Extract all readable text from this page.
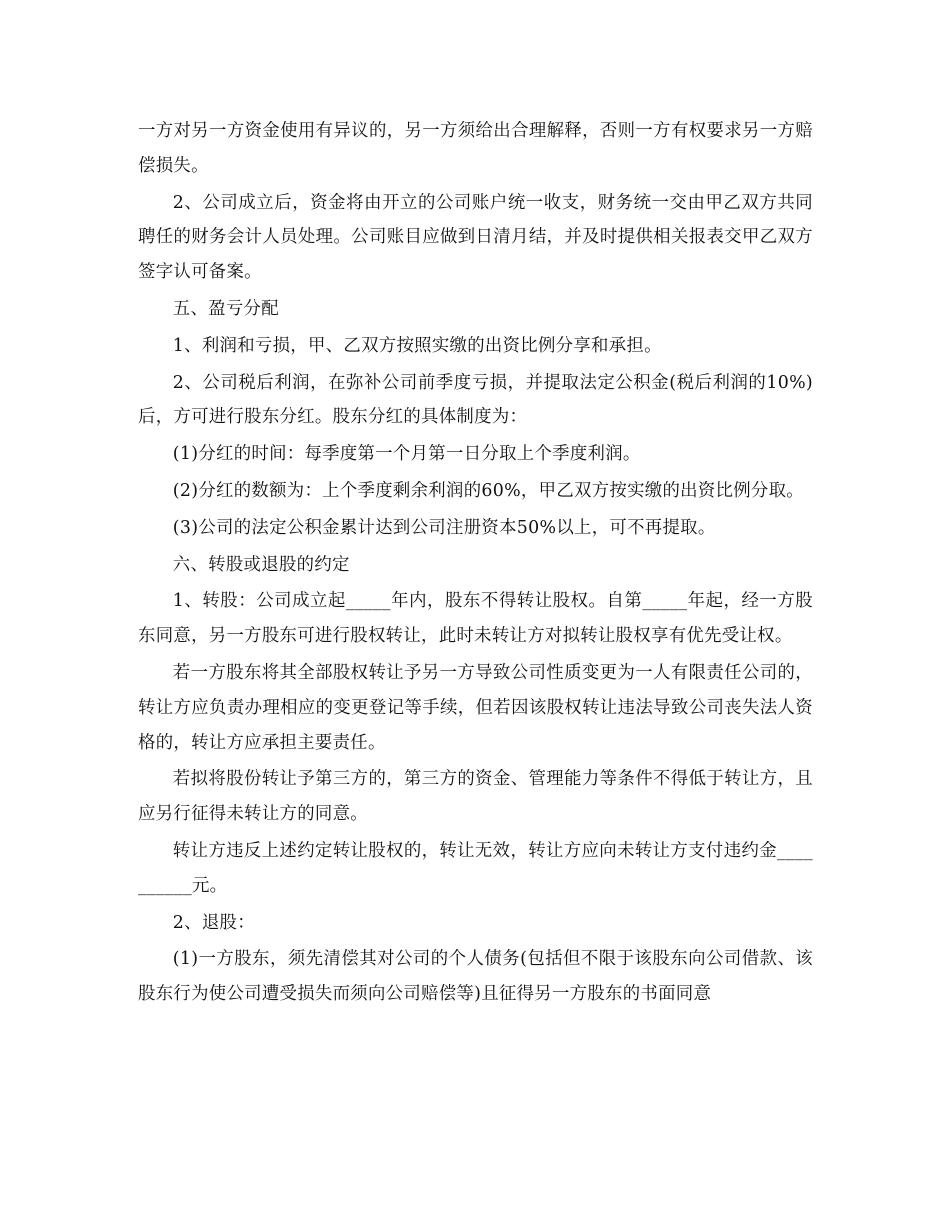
一方对另一方资金使用有异议的，另一方须给出合理解释，否则一方有权要求另一方赔偿损失。

2、公司成立后，资金将由开立的公司账户统一收支，财务统一交由甲乙双方共同聘任的财务会计人员处理。公司账目应做到日清月结，并及时提供相关报表交甲乙双方签字认可备案。

五、盈亏分配

1、利润和亏损，甲、乙双方按照实缴的出资比例分享和承担。

2、公司税后利润，在弥补公司前季度亏损，并提取法定公积金(税后利润的10%)后，方可进行股东分红。股东分红的具体制度为：

(1)分红的时间：每季度第一个月第一日分取上个季度利润。

(2)分红的数额为：上个季度剩余利润的60%，甲乙双方按实缴的出资比例分取。

(3)公司的法定公积金累计达到公司注册资本50%以上，可不再提取。

六、转股或退股的约定

1、转股：公司成立起_____年内，股东不得转让股权。自第_____年起，经一方股东同意，另一方股东可进行股权转让，此时未转让方对拟转让股权享有优先受让权。

若一方股东将其全部股权转让予另一方导致公司性质变更为一人有限责任公司的，转让方应负责办理相应的变更登记等手续，但若因该股权转让违法导致公司丧失法人资格的，转让方应承担主要责任。

若拟将股份转让予第三方的，第三方的资金、管理能力等条件不得低于转让方，且应另行征得未转让方的同意。

转让方违反上述约定转让股权的，转让无效，转让方应向未转让方支付违约金__________元。

2、退股：

(1)一方股东，须先清偿其对公司的个人债务(包括但不限于该股东向公司借款、该股东行为使公司遭受损失而须向公司赔偿等)且征得另一方股东的书面同意
